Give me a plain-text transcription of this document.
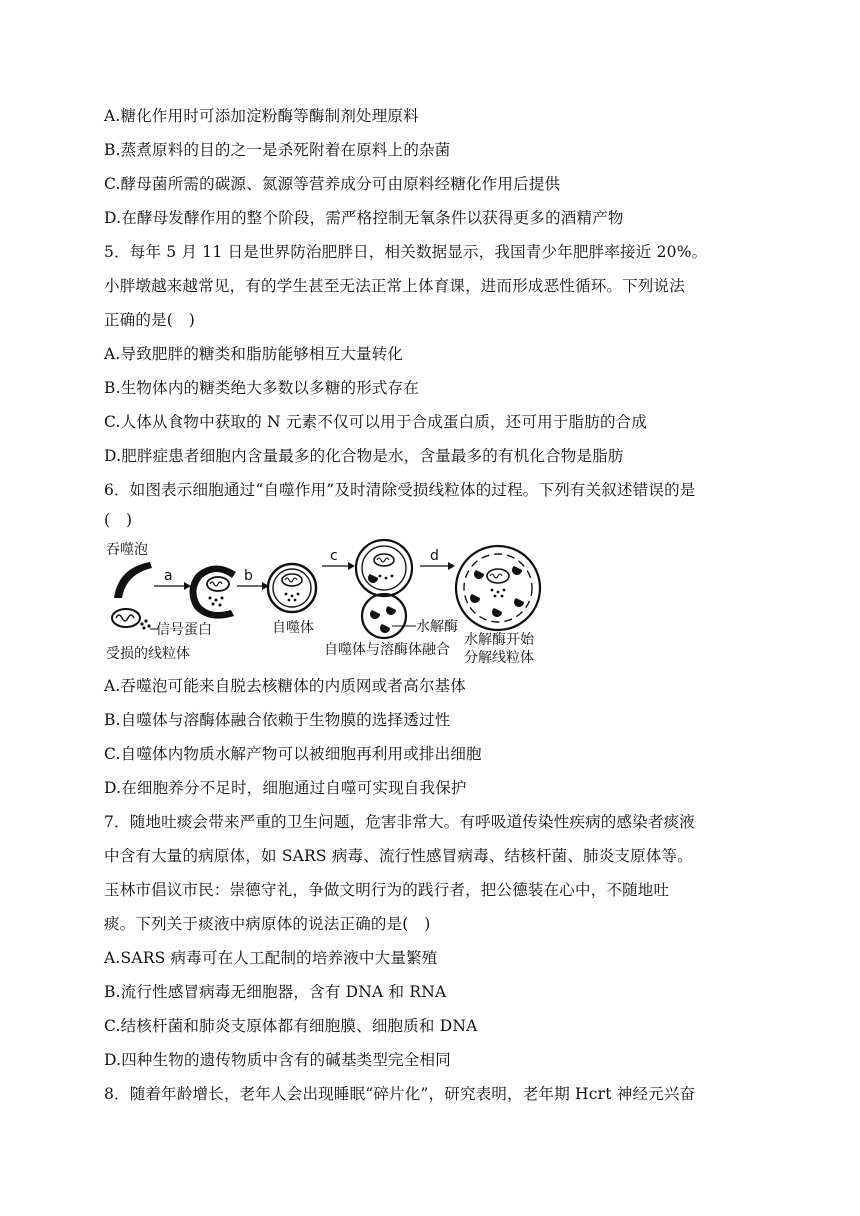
A.糖化作用时可添加淀粉酶等酶制剂处理原料
B.蒸煮原料的目的之一是杀死附着在原料上的杂菌
C.酵母菌所需的碳源、氮源等营养成分可由原料经糖化作用后提供
D.在酵母发酵作用的整个阶段，需严格控制无氧条件以获得更多的酒精产物
5．每年 5 月 11 日是世界防治肥胖日，相关数据显示，我国青少年肥胖率接近 20%。
小胖墩越来越常见，有的学生甚至无法正常上体育课，进而形成恶性循环。下列说法
正确的是(　)
A.导致肥胖的糖类和脂肪能够相互大量转化
B.生物体内的糖类绝大多数以多糖的形式存在
C.人体从食物中获取的 N 元素不仅可以用于合成蛋白质，还可用于脂肪的合成
D.肥胖症患者细胞内含量最多的化合物是水，含量最多的有机化合物是脂肪
6．如图表示细胞通过“自噬作用”及时清除受损线粒体的过程。下列有关叙述错误的是
(　)
吞噬泡
信号蛋白
受损的线粒体
a	b
自噬体
c
水解酶
自噬体与溶酶体融合
d
水解酶开始
分解线粒体
A.吞噬泡可能来自脱去核糖体的内质网或者高尔基体
B.自噬体与溶酶体融合依赖于生物膜的选择透过性
C.自噬体内物质水解产物可以被细胞再利用或排出细胞
D.在细胞养分不足时，细胞通过自噬可实现自我保护
7．随地吐痰会带来严重的卫生问题，危害非常大。有呼吸道传染性疾病的感染者痰液
中含有大量的病原体，如 SARS 病毒、流行性感冒病毒、结核杆菌、肺炎支原体等。
玉林市倡议市民：崇德守礼，争做文明行为的践行者，把公德装在心中，不随地吐
痰。下列关于痰液中病原体的说法正确的是(　)
A.SARS 病毒可在人工配制的培养液中大量繁殖
B.流行性感冒病毒无细胞器，含有 DNA 和 RNA
C.结核杆菌和肺炎支原体都有细胞膜、细胞质和 DNA
D.四种生物的遗传物质中含有的碱基类型完全相同
8．随着年龄增长，老年人会出现睡眠“碎片化”，研究表明，老年期 Hcrt 神经元兴奋
